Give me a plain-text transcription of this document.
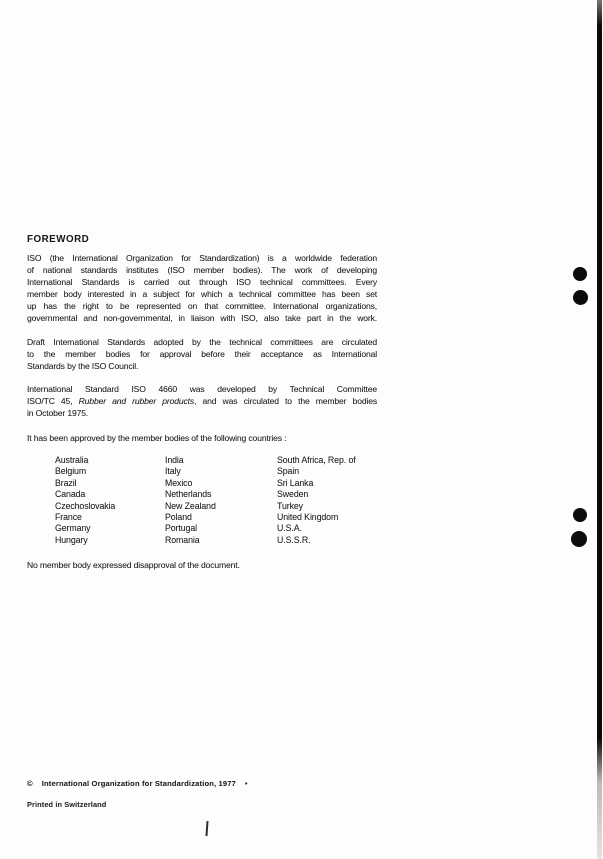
FOREWORD
ISO (the International Organization for Standardization) is a worldwide federation
of national standards institutes (ISO member bodies). The work of developing
International Standards is carried out through ISO technical committees. Every
member body interested in a subject for which a technical committee has been set
up has the right to be represented on that committee. International organizations,
governmental and non-governmental, in liaison with ISO, also take part in the work.
Draft International Standards adopted by the technical committees are circulated
to the member bodies for approval before their acceptance as International
Standards by the ISO Council.
International Standard ISO 4660 was developed by Technical Committee
ISO/TC 45, Rubber and rubber products, and was circulated to the member bodies
in October 1975.
It has been approved by the member bodies of the following countries :
Australia
Belgium
Brazil
Canada
Czechoslovakia
France
Germany
Hungary
India
Italy
Mexico
Netherlands
New Zealand
Poland
Portugal
Romania
South Africa, Rep. of
Spain
Sri Lanka
Sweden
Turkey
United Kingdom
U.S.A.
U.S.S.R.
No member body expressed disapproval of the document.
© International Organization for Standardization, 1977 •
Printed in Switzerland
